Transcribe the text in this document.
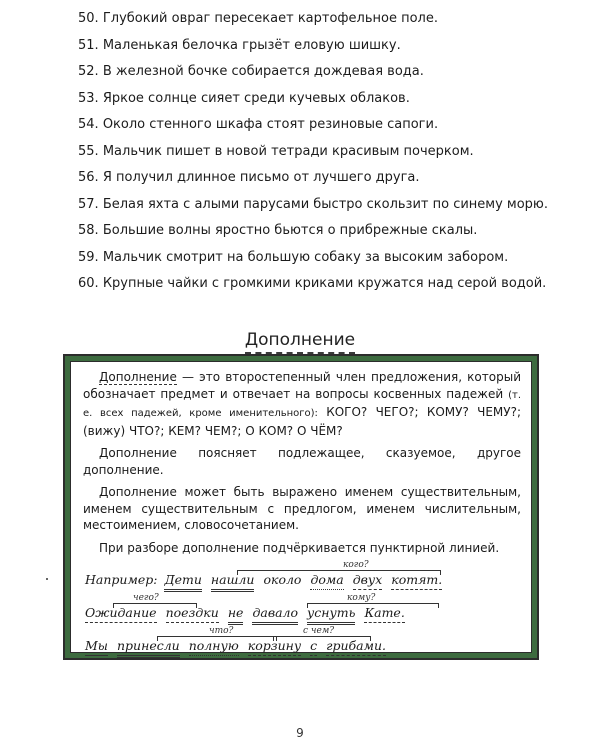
50. Глубокий овраг пересекает картофельное поле.
51. Маленькая белочка грызёт еловую шишку.
52. В железной бочке собирается дождевая вода.
53. Яркое солнце сияет среди кучевых облаков.
54. Около стенного шкафа стоят резиновые сапоги.
55. Мальчик пишет в новой тетради красивым почерком.
56. Я получил длинное письмо от лучшего друга.
57. Белая яхта с алыми парусами быстро скользит по синему морю.
58. Большие волны яростно бьются о прибрежные скалы.
59. Мальчик смотрит на большую собаку за высоким забором.
60. Крупные чайки с громкими криками кружатся над серой водой.
Дополнение

Дополнение — это второстепенный член предложения, который обозначает предмет и отвечает на вопросы косвенных падежей (т. е. всех падежей, кроме именительного): КОГО? ЧЕГО?; КОМУ? ЧЕМУ?; (вижу) ЧТО?; КЕМ? ЧЕМ?; О КОМ? О ЧЁМ?

Дополнение поясняет подлежащее, сказуемое, другое дополнение.

Дополнение может быть выражено именем существительным, именем существительным с предлогом, именем числительным, местоимением, словосочетанием.

При разборе дополнение подчёркивается пунктирной линией.

Например: Дети нашли около дома двух котят.
кого?
Ожидание поездки не давало уснуть Кате.
чего?	кому?
Мы принесли полную корзину с грибами.
что?	с чем?
9
